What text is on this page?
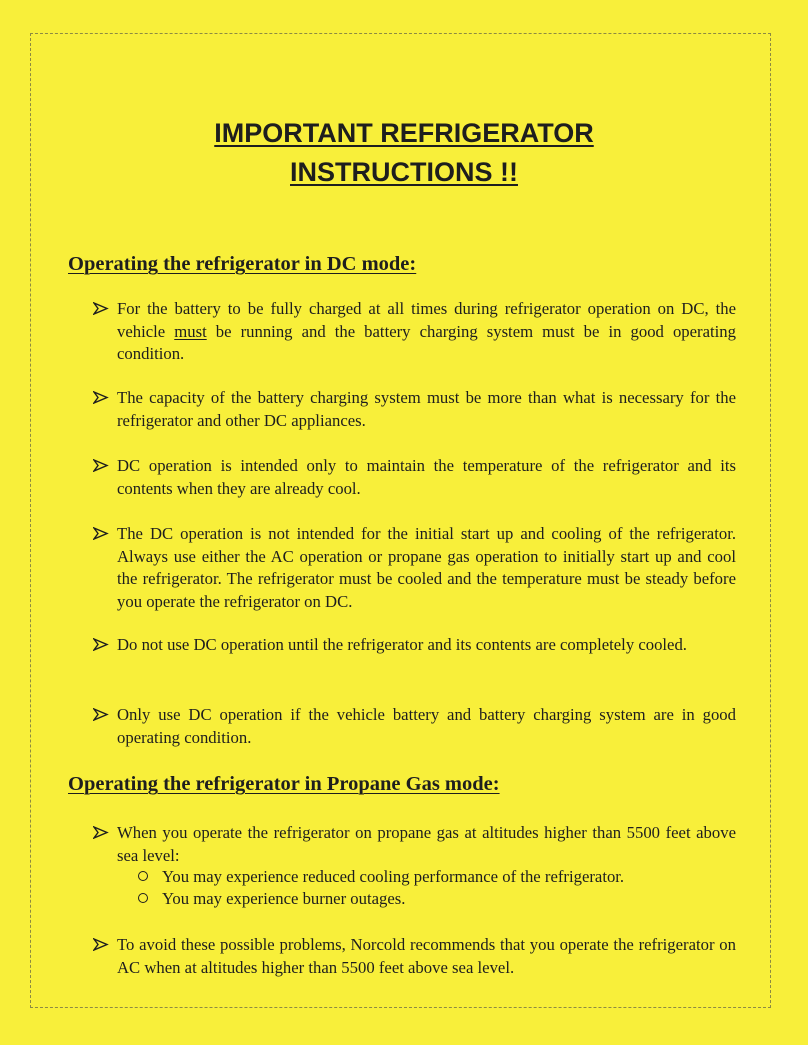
IMPORTANT REFRIGERATOR
INSTRUCTIONS !!
Operating the refrigerator in DC mode:
For the battery to be fully charged at all times during refrigerator operation on DC, the vehicle must be running and the battery charging system must be in good operating condition.
The capacity of the battery charging system must be more than what is necessary for the refrigerator and other DC appliances.
DC operation is intended only to maintain the temperature of the refrigerator and its contents when they are already cool.
The DC operation is not intended for the initial start up and cooling of the refrigerator. Always use either the AC operation or propane gas operation to initially start up and cool the refrigerator. The refrigerator must be cooled and the temperature must be steady before you operate the refrigerator on DC.
Do not use DC operation until the refrigerator and its contents are completely cooled.
Only use DC operation if the vehicle battery and battery charging system are in good operating condition.
Operating the refrigerator in Propane Gas mode:
When you operate the refrigerator on propane gas at altitudes higher than 5500 feet above sea level:
You may experience reduced cooling performance of the refrigerator.
You may experience burner outages.
To avoid these possible problems, Norcold recommends that you operate the refrigerator on AC when at altitudes higher than 5500 feet above sea level.
